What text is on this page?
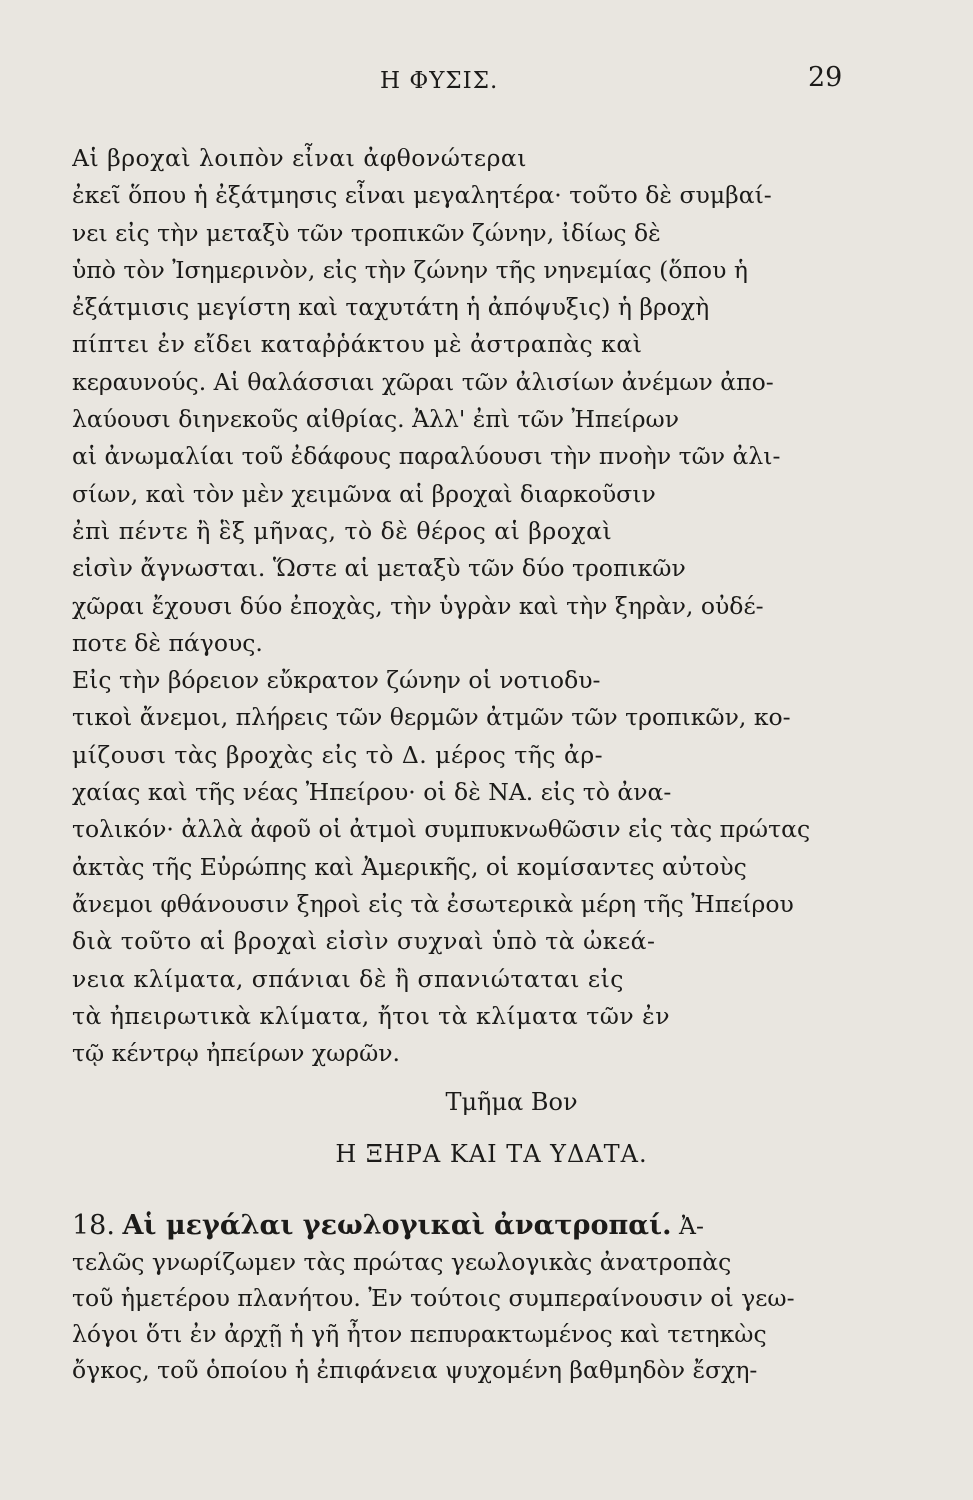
Η ΦΥΣΙΣ.	29
Αἱ βροχαὶ λοιπὸν εἶναι ἀφθονώτεραι
ἐκεῖ ὅπου ἡ ἐξάτμησις εἶναι μεγαλητέρα· τοῦτο δὲ συμβαί-
νει εἰς τὴν μεταξὺ τῶν τροπικῶν ζώνην, ἰδίως δὲ
ὑπὸ τὸν Ἰσημερινὸν, εἰς τὴν ζώνην τῆς νηνεμίας (ὅπου ἡ
ἐξάτμισις μεγίστη καὶ ταχυτάτη ἡ ἀπόψυξις) ἡ βροχὴ
πίπτει ἐν εἴδει καταῤῥάκτου μὲ ἀστραπὰς καὶ
κεραυνούς. Αἱ θαλάσσιαι χῶραι τῶν ἀλισίων ἀνέμων ἀπο-
λαύουσι διηνεκοῦς αἰθρίας. Ἀλλ' ἐπὶ τῶν Ἠπείρων
αἱ ἀνωμαλίαι τοῦ ἐδάφους παραλύουσι τὴν πνοὴν τῶν ἀλι-
σίων, καὶ τὸν μὲν χειμῶνα αἱ βροχαὶ διαρκοῦσιν
ἐπὶ πέντε ἢ ἓξ μῆνας, τὸ δὲ θέρος αἱ βροχαὶ
εἰσὶν ἄγνωσται. Ὥστε αἱ μεταξὺ τῶν δύο τροπικῶν
χῶραι ἔχουσι δύο ἐποχὰς, τὴν ὑγρὰν καὶ τὴν ξηρὰν, οὐδέ-
ποτε δὲ πάγους.
Εἰς τὴν βόρειον εὔκρατον ζώνην οἱ νοτιοδυ-
τικοὶ ἄνεμοι, πλήρεις τῶν θερμῶν ἀτμῶν τῶν τροπικῶν, κο-
μίζουσι τὰς βροχὰς εἰς τὸ Δ. μέρος τῆς ἀρ-
χαίας καὶ τῆς νέας Ἠπείρου· οἱ δὲ ΝΑ. εἰς τὸ ἀνα-
τολικόν· ἀλλὰ ἀφοῦ οἱ ἀτμοὶ συμπυκνωθῶσιν εἰς τὰς πρώτας
ἀκτὰς τῆς Εὐρώπης καὶ Ἀμερικῆς, οἱ κομίσαντες αὐτοὺς
ἄνεμοι φθάνουσιν ξηροὶ εἰς τὰ ἐσωτερικὰ μέρη τῆς Ἠπείρου
διὰ τοῦτο αἱ βροχαὶ εἰσὶν συχναὶ ὑπὸ τὰ ὠκεά-
νεια κλίματα, σπάνιαι δὲ ἢ σπανιώταται εἰς
τὰ ἠπειρωτικὰ κλίματα, ἤτοι τὰ κλίματα τῶν ἐν
τῷ κέντρῳ ἠπείρων χωρῶν.
Τμῆμα Βον
Η ΞΗΡΑ ΚΑΙ ΤΑ ΥΔΑΤΑ.
18. Αἱ μεγάλαι γεωλογικαὶ ἀνατροπαί. Ἀ-
τελῶς γνωρίζωμεν τὰς πρώτας γεωλογικὰς ἀνατροπὰς
τοῦ ἡμετέρου πλανήτου. Ἐν τούτοις συμπεραίνουσιν οἱ γεω-
λόγοι ὅτι ἐν ἀρχῇ ἡ γῆ ἦτον πεπυρακτωμένος καὶ τετηκὼς
ὄγκος, τοῦ ὁποίου ἡ ἐπιφάνεια ψυχομένη βαθμηδὸν ἔσχη-
